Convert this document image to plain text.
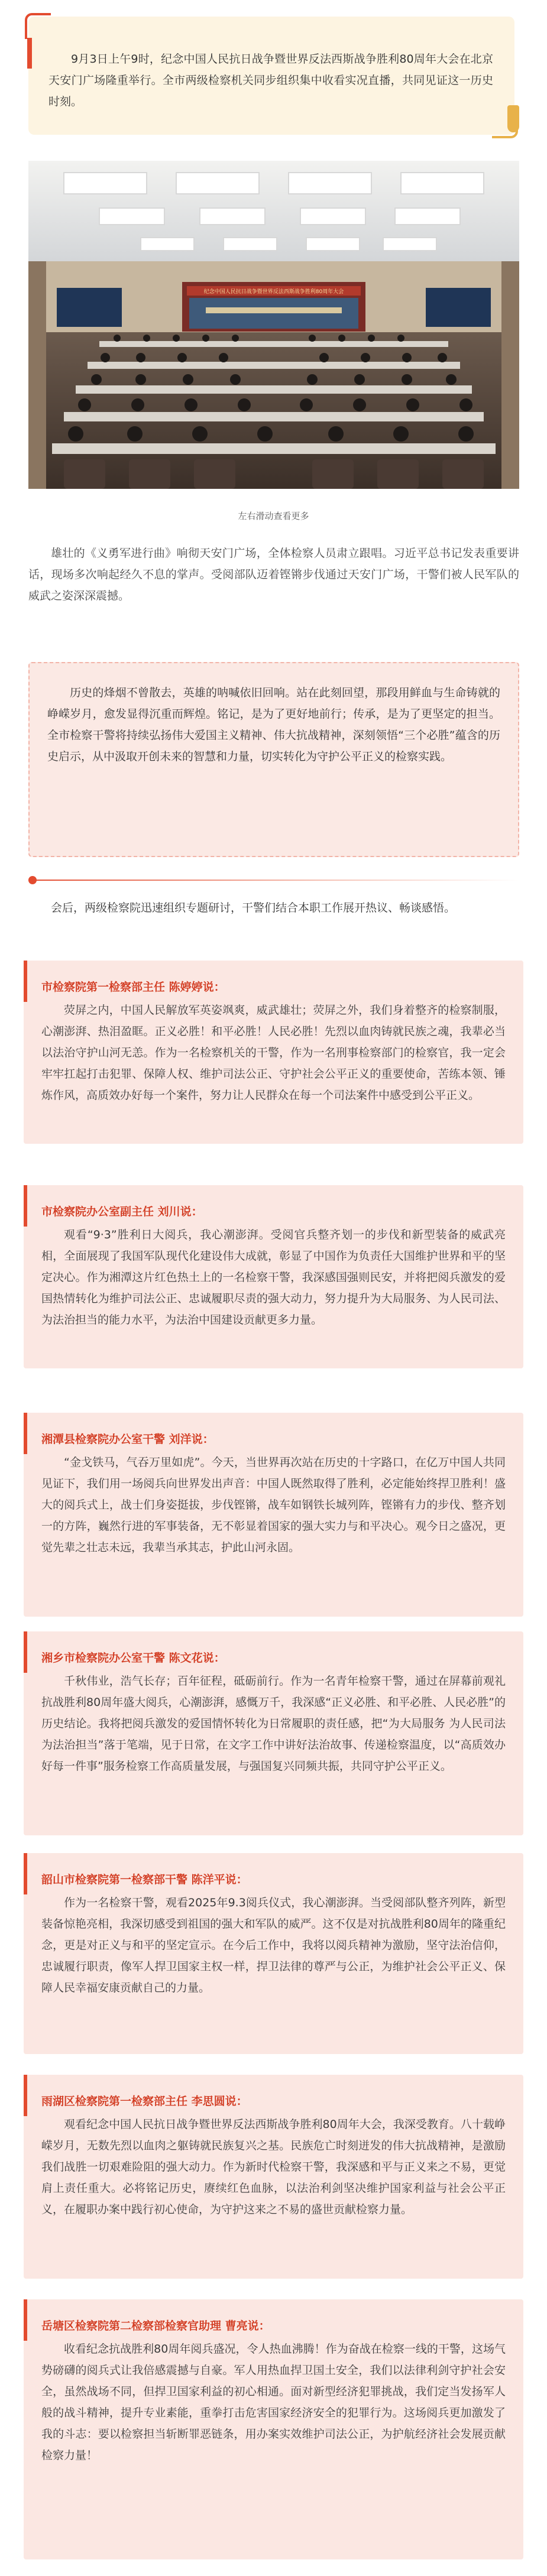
9月3日上午9时，纪念中国人民抗日战争暨世界反法西斯战争胜利80周年大会在北京天安门广场隆重举行。全市两级检察机关同步组织集中收看实况直播，共同见证这一历史时刻。

纪念中国人民抗日战争暨世界反法西斯战争胜利80周年大会
左右滑动查看更多

雄壮的《义勇军进行曲》响彻天安门广场，全体检察人员肃立跟唱。习近平总书记发表重要讲话，现场多次响起经久不息的掌声。受阅部队迈着铿锵步伐通过天安门广场，干警们被人民军队的威武之姿深深震撼。

历史的烽烟不曾散去，英雄的呐喊依旧回响。站在此刻回望，那段用鲜血与生命铸就的峥嵘岁月，愈发显得沉重而辉煌。铭记，是为了更好地前行；传承，是为了更坚定的担当。全市检察干警将持续弘扬伟大爱国主义精神、伟大抗战精神，深刻领悟“三个必胜”蕴含的历史启示，从中汲取开创未来的智慧和力量，切实转化为守护公平正义的检察实践。

会后，两级检察院迅速组织专题研讨，干警们结合本职工作展开热议、畅谈感悟。

市检察院第一检察部主任 陈婷婷说：

荧屏之内，中国人民解放军英姿飒爽，威武雄壮；荧屏之外，我们身着整齐的检察制服，心潮澎湃、热泪盈眶。正义必胜！和平必胜！人民必胜！先烈以血肉铸就民族之魂，我辈必当以法治守护山河无恙。作为一名检察机关的干警，作为一名刑事检察部门的检察官，我一定会牢牢扛起打击犯罪、保障人权、维护司法公正、守护社会公平正义的重要使命，苦练本领、锤炼作风，高质效办好每一个案件，努力让人民群众在每一个司法案件中感受到公平正义。

市检察院办公室副主任 刘川说：

观看“9·3”胜利日大阅兵，我心潮澎湃。受阅官兵整齐划一的步伐和新型装备的威武亮相，全面展现了我国军队现代化建设伟大成就，彰显了中国作为负责任大国维护世界和平的坚定决心。作为湘潭这片红色热土上的一名检察干警，我深感国强则民安，并将把阅兵激发的爱国热情转化为维护司法公正、忠诚履职尽责的强大动力，努力提升为大局服务、为人民司法、为法治担当的能力水平，为法治中国建设贡献更多力量。

湘潭县检察院办公室干警 刘洋说：

“金戈铁马，气吞万里如虎”。今天，当世界再次站在历史的十字路口，在亿万中国人共同见证下，我们用一场阅兵向世界发出声音：中国人既然取得了胜利，必定能始终捍卫胜利！盛大的阅兵式上，战士们身姿挺拔，步伐铿锵，战车如钢铁长城列阵，铿锵有力的步伐、整齐划一的方阵，巍然行进的军事装备，无不彰显着国家的强大实力与和平决心。观今日之盛况，更觉先辈之壮志未远，我辈当承其志，护此山河永固。

湘乡市检察院办公室干警 陈文花说：

千秋伟业，浩气长存；百年征程，砥砺前行。作为一名青年检察干警，通过在屏幕前观礼抗战胜利80周年盛大阅兵，心潮澎湃，感慨万千，我深感“正义必胜、和平必胜、人民必胜”的历史结论。我将把阅兵激发的爱国情怀转化为日常履职的责任感，把“为大局服务 为人民司法 为法治担当”落于笔端，见于日常，在文字工作中讲好法治故事、传递检察温度，以“高质效办好每一件事”服务检察工作高质量发展，与强国复兴同频共振，共同守护公平正义。

韶山市检察院第一检察部干警 陈洋平说：

作为一名检察干警，观看2025年9.3阅兵仪式，我心潮澎湃。当受阅部队整齐列阵，新型装备惊艳亮相，我深切感受到祖国的强大和军队的威严。这不仅是对抗战胜利80周年的隆重纪念，更是对正义与和平的坚定宣示。在今后工作中，我将以阅兵精神为激励，坚守法治信仰，忠诚履行职责，像军人捍卫国家主权一样，捍卫法律的尊严与公正，为维护社会公平正义、保障人民幸福安康贡献自己的力量。

雨湖区检察院第一检察部主任 李思圆说：

观看纪念中国人民抗日战争暨世界反法西斯战争胜利80周年大会，我深受教育。八十载峥嵘岁月，无数先烈以血肉之躯铸就民族复兴之基。民族危亡时刻迸发的伟大抗战精神，是激励我们战胜一切艰难险阻的强大动力。作为新时代检察干警，我深感和平与正义来之不易，更觉肩上责任重大。必将铭记历史，赓续红色血脉，以法治利剑坚决维护国家利益与社会公平正义，在履职办案中践行初心使命，为守护这来之不易的盛世贡献检察力量。

岳塘区检察院第二检察部检察官助理 曹亮说：

收看纪念抗战胜利80周年阅兵盛况，令人热血沸腾！作为奋战在检察一线的干警，这场气势磅礴的阅兵式让我倍感震撼与自豪。军人用热血捍卫国土安全，我们以法律利剑守护社会安全，虽然战场不同，但捍卫国家利益的初心相通。面对新型经济犯罪挑战，我们定当发扬军人般的战斗精神，提升专业素能，重拳打击危害国家经济安全的犯罪行为。这场阅兵更加激发了我的斗志：要以检察担当斩断罪恶链条，用办案实效维护司法公正，为护航经济社会发展贡献检察力量！
